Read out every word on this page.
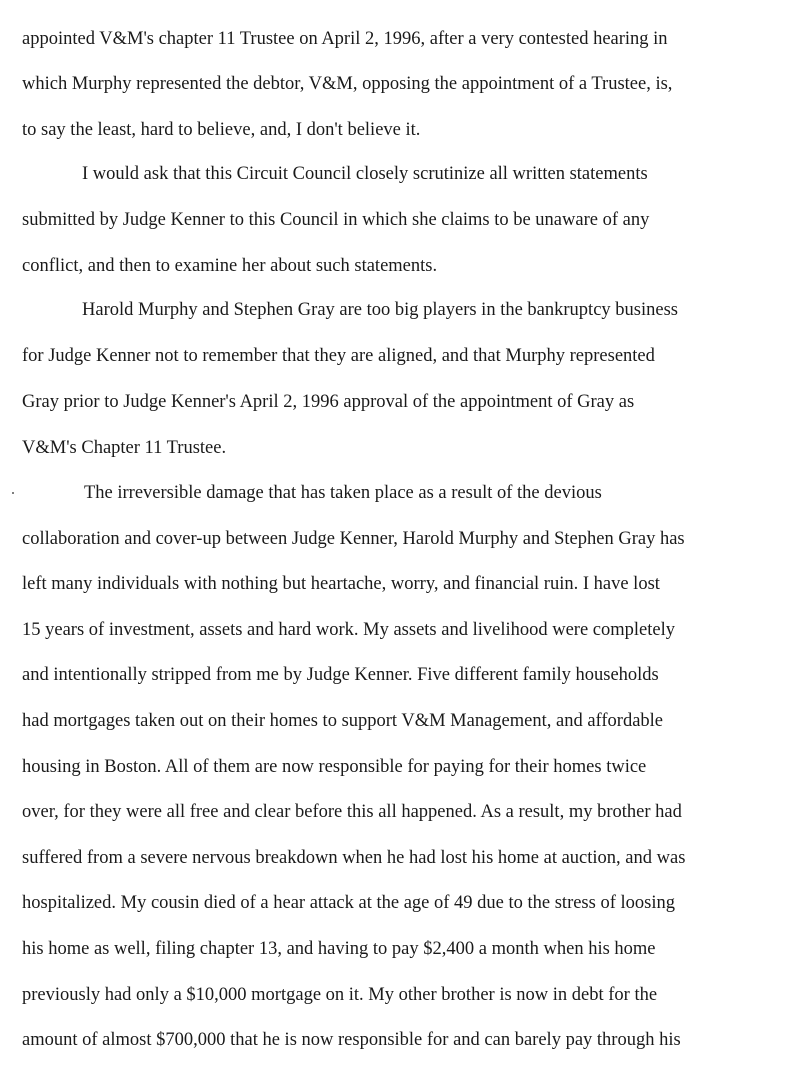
appointed V&M's chapter 11 Trustee on April 2, 1996, after a very contested hearing in
which Murphy represented the debtor, V&M, opposing the appointment of a Trustee, is,
to say the least, hard to believe, and, I don't believe it.
I would ask that this Circuit Council closely scrutinize all written statements
submitted by Judge Kenner to this Council in which she claims to be unaware of any
conflict, and then to examine her about such statements.
Harold Murphy and Stephen Gray are too big players in the bankruptcy business
for Judge Kenner not to remember that they are aligned, and that Murphy represented
Gray prior to Judge Kenner's April 2, 1996 approval of the appointment of Gray as
V&M's Chapter 11 Trustee.
The irreversible damage that has taken place as a result of the devious
collaboration and cover-up between Judge Kenner, Harold Murphy and Stephen Gray has
left many individuals with nothing but heartache, worry, and financial ruin. I have lost
15 years of investment, assets and hard work. My assets and livelihood were completely
and intentionally stripped from me by Judge Kenner. Five different family households
had mortgages taken out on their homes to support V&M Management, and affordable
housing in Boston. All of them are now responsible for paying for their homes twice
over, for they were all free and clear before this all happened. As a result, my brother had
suffered from a severe nervous breakdown when he had lost his home at auction, and was
hospitalized. My cousin died of a hear attack at the age of 49 due to the stress of loosing
his home as well, filing chapter 13, and having to pay $2,400 a month when his home
previously had only a $10,000 mortgage on it. My other brother is now in debt for the
amount of almost $700,000 that he is now responsible for and can barely pay through his
